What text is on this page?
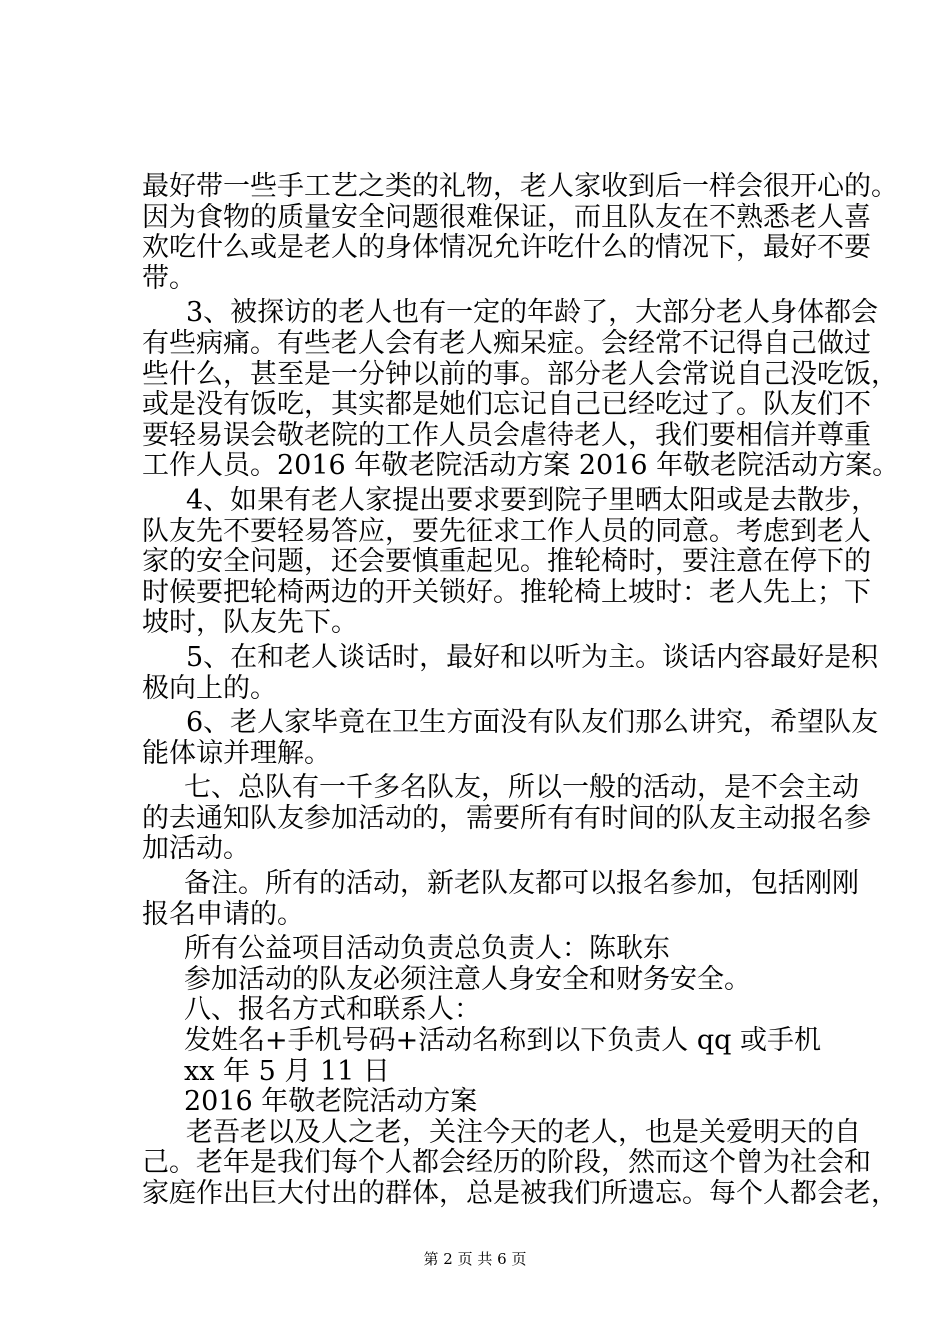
最好带一些手工艺之类的礼物，老人家收到后一样会很开心的。
因为食物的质量安全问题很难保证，而且队友在不熟悉老人喜
欢吃什么或是老人的身体情况允许吃什么的情况下，最好不要
带。
3、被探访的老人也有一定的年龄了，大部分老人身体都会
有些病痛。有些老人会有老人痴呆症。会经常不记得自己做过
些什么，甚至是一分钟以前的事。部分老人会常说自己没吃饭，
或是没有饭吃，其实都是她们忘记自己已经吃过了。队友们不
要轻易误会敬老院的工作人员会虐待老人，我们要相信并尊重
工作人员。2016 年敬老院活动方案 2016 年敬老院活动方案。
4、如果有老人家提出要求要到院子里晒太阳或是去散步，
队友先不要轻易答应，要先征求工作人员的同意。考虑到老人
家的安全问题，还会要慎重起见。推轮椅时，要注意在停下的
时候要把轮椅两边的开关锁好。推轮椅上坡时：老人先上；下
坡时，队友先下。
5、在和老人谈话时，最好和以听为主。谈话内容最好是积
极向上的。
6、老人家毕竟在卫生方面没有队友们那么讲究，希望队友
能体谅并理解。
七、总队有一千多名队友，所以一般的活动，是不会主动
的去通知队友参加活动的，需要所有有时间的队友主动报名参
加活动。
备注。所有的活动，新老队友都可以报名参加，包括刚刚
报名申请的。
所有公益项目活动负责总负责人：陈耿东
参加活动的队友必须注意人身安全和财务安全。
八、报名方式和联系人：
发姓名+手机号码+活动名称到以下负责人 qq 或手机
xx 年 5 月 11 日
2016 年敬老院活动方案
老吾老以及人之老，关注今天的老人，也是关爱明天的自
己。老年是我们每个人都会经历的阶段，然而这个曾为社会和
家庭作出巨大付出的群体，总是被我们所遗忘。每个人都会老，
第 2 页 共 6 页
